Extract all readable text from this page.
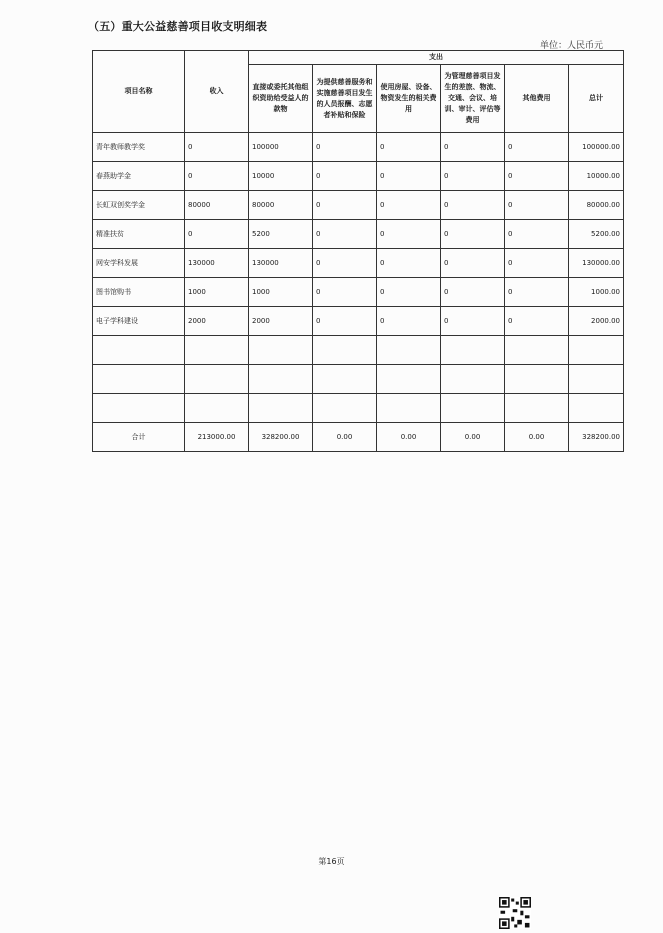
（五）重大公益慈善项目收支明细表
单位：人民币元
项目名称	收入	支出					
		直接或委托其他组织资助给受益人的款物	为提供慈善服务和实施慈善项目发生的人员报酬、志愿者补贴和保险	使用房屋、设备、物资发生的相关费用	为管理慈善项目发生的差旅、物流、交通、会议、培训、审计、评估等费用	其他费用	总计
青年教师教学奖	0	100000	0	0	0	0	100000.00
春燕助学金	0	10000	0	0	0	0	10000.00
长虹双创奖学金	80000	80000	0	0	0	0	80000.00
精准扶贫	0	5200	0	0	0	0	5200.00
网安学科发展	130000	130000	0	0	0	0	130000.00
图书馆购书	1000	1000	0	0	0	0	1000.00
电子学科建设	2000	2000	0	0	0	0	2000.00

合计	213000.00	328200.00	0.00	0.00	0.00	0.00	328200.00
第16页
